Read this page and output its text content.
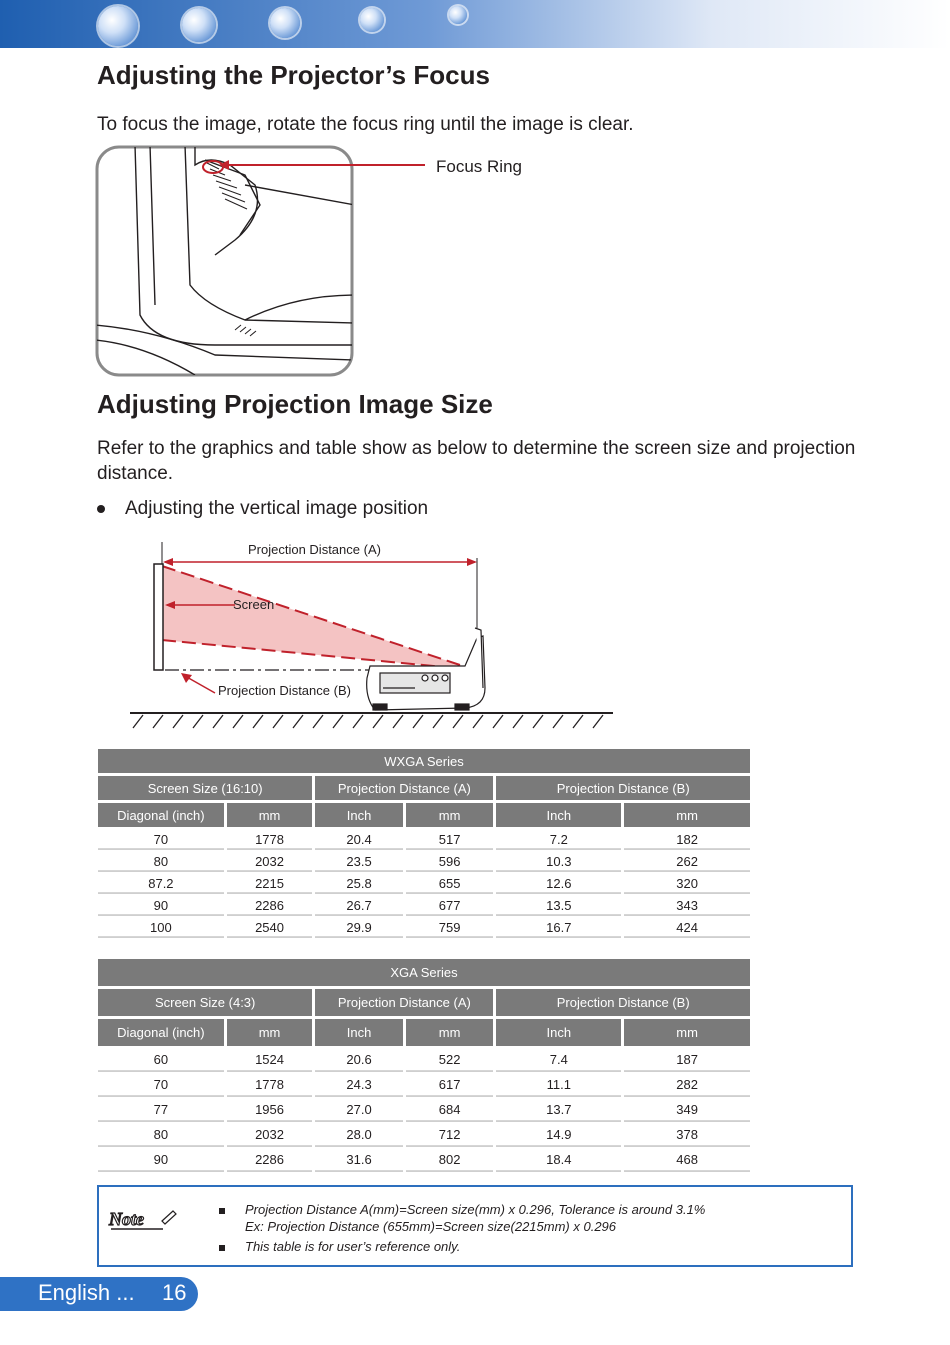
Adjusting the Projector’s Focus

To focus the image, rotate the focus ring until the image is clear.

Focus Ring
Adjusting Projection Image Size

Refer to the graphics and table show as below to determine the screen size and projection distance.

Adjusting the vertical image position
Projection Distance (A)
Screen
Projection Distance (B)
WXGA Series					
Screen Size (16:10)		Projection Distance (A)		Projection Distance (B)	
Diagonal (inch)	mm	Inch	mm	Inch	mm
70	1778	20.4	517	7.2	182
80	2032	23.5	596	10.3	262
87.2	2215	25.8	655	12.6	320
90	2286	26.7	677	13.5	343
100	2540	29.9	759	16.7	424
XGA Series					
Screen Size (4:3)		Projection Distance (A)		Projection Distance (B)	
Diagonal (inch)	mm	Inch	mm	Inch	mm
60	1524	20.6	522	7.4	187
70	1778	24.3	617	11.1	282
77	1956	27.0	684	13.7	349
80	2032	28.0	712	14.9	378
90	2286	31.6	802	18.4	468
Note	Projection Distance A(mm)=Screen size(mm) x 0.296, Tolerance is around 3.1%
Ex: Projection Distance (655mm)=Screen size(2215mm) x 0.296
This table is for user’s reference only.
English ... 16
